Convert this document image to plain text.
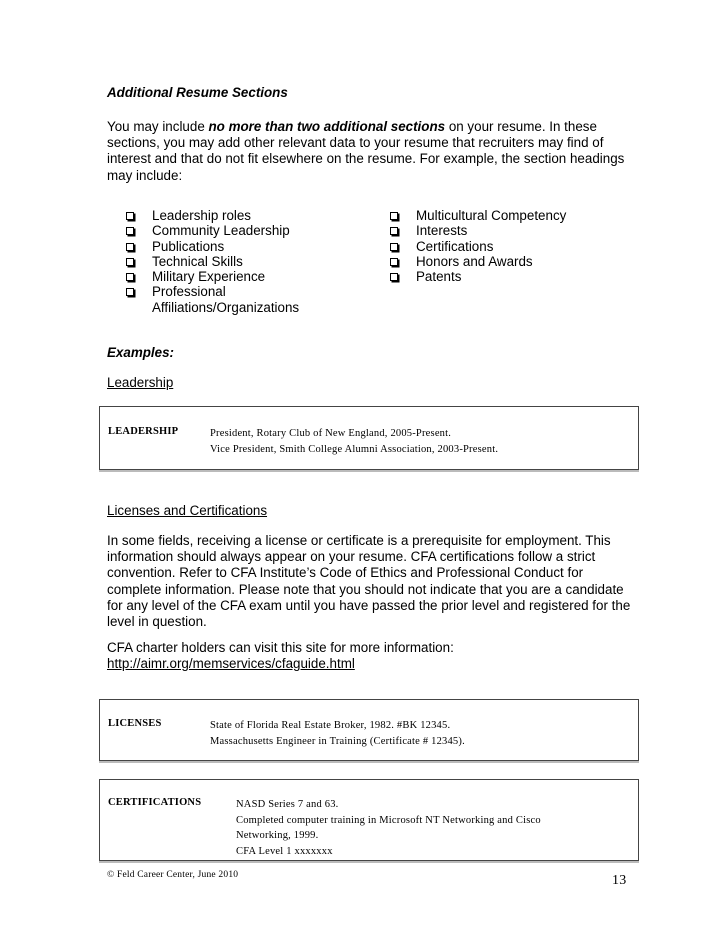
Additional Resume Sections
You may include no more than two additional sections on your resume. In these sections, you may add other relevant data to your resume that recruiters may find of interest and that do not fit elsewhere on the resume. For example, the section headings may include:
Leadership roles
Community Leadership
Publications
Technical Skills
Military Experience
Professional Affiliations/Organizations
Multicultural Competency
Interests
Certifications
Honors and Awards
Patents
Examples:
Leadership
LEADERSHIP	President, Rotary Club of New England, 2005-Present.
Vice President, Smith College Alumni Association, 2003-Present.
Licenses and Certifications
In some fields, receiving a license or certificate is a prerequisite for employment. This information should always appear on your resume. CFA certifications follow a strict convention. Refer to CFA Institute’s Code of Ethics and Professional Conduct for complete information. Please note that you should not indicate that you are a candidate for any level of the CFA exam until you have passed the prior level and registered for the level in question.
CFA charter holders can visit this site for more information:
http://aimr.org/memservices/cfaguide.html
LICENSES	State of Florida Real Estate Broker, 1982. #BK 12345.
Massachusetts Engineer in Training (Certificate # 12345).
CERTIFICATIONS	NASD Series 7 and 63.
Completed computer training in Microsoft NT Networking and Cisco
Networking, 1999.
CFA Level 1 xxxxxxx
© Feld Career Center, June 2010	13
